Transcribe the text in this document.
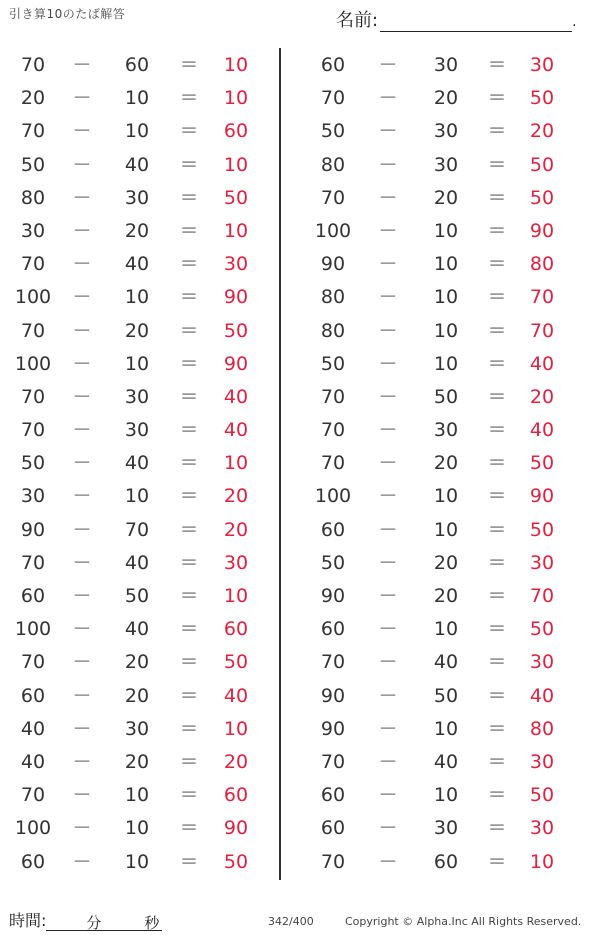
引き算10のたば解答	名前:	.
70	－	60	＝	10
20	－	10	＝	10
70	－	10	＝	60
50	－	40	＝	10
80	－	30	＝	50
30	－	20	＝	10
70	－	40	＝	30
100	－	10	＝	90
70	－	20	＝	50
100	－	10	＝	90
70	－	30	＝	40
70	－	30	＝	40
50	－	40	＝	10
30	－	10	＝	20
90	－	70	＝	20
70	－	40	＝	30
60	－	50	＝	10
100	－	40	＝	60
70	－	20	＝	50
60	－	20	＝	40
40	－	30	＝	10
40	－	20	＝	20
70	－	10	＝	60
100	－	10	＝	90
60	－	10	＝	50
60	－	30	＝	30
70	－	20	＝	50
50	－	30	＝	20
80	－	30	＝	50
70	－	20	＝	50
100	－	10	＝	90
90	－	10	＝	80
80	－	10	＝	70
80	－	10	＝	70
50	－	10	＝	40
70	－	50	＝	20
70	－	30	＝	40
70	－	20	＝	50
100	－	10	＝	90
60	－	10	＝	50
50	－	20	＝	30
90	－	20	＝	70
60	－	10	＝	50
70	－	40	＝	30
90	－	50	＝	40
90	－	10	＝	80
70	－	40	＝	30
60	－	10	＝	50
60	－	30	＝	30
70	－	60	＝	10
時間:	分	秒	342/400	Copyright © Alpha.Inc All Rights Reserved.
